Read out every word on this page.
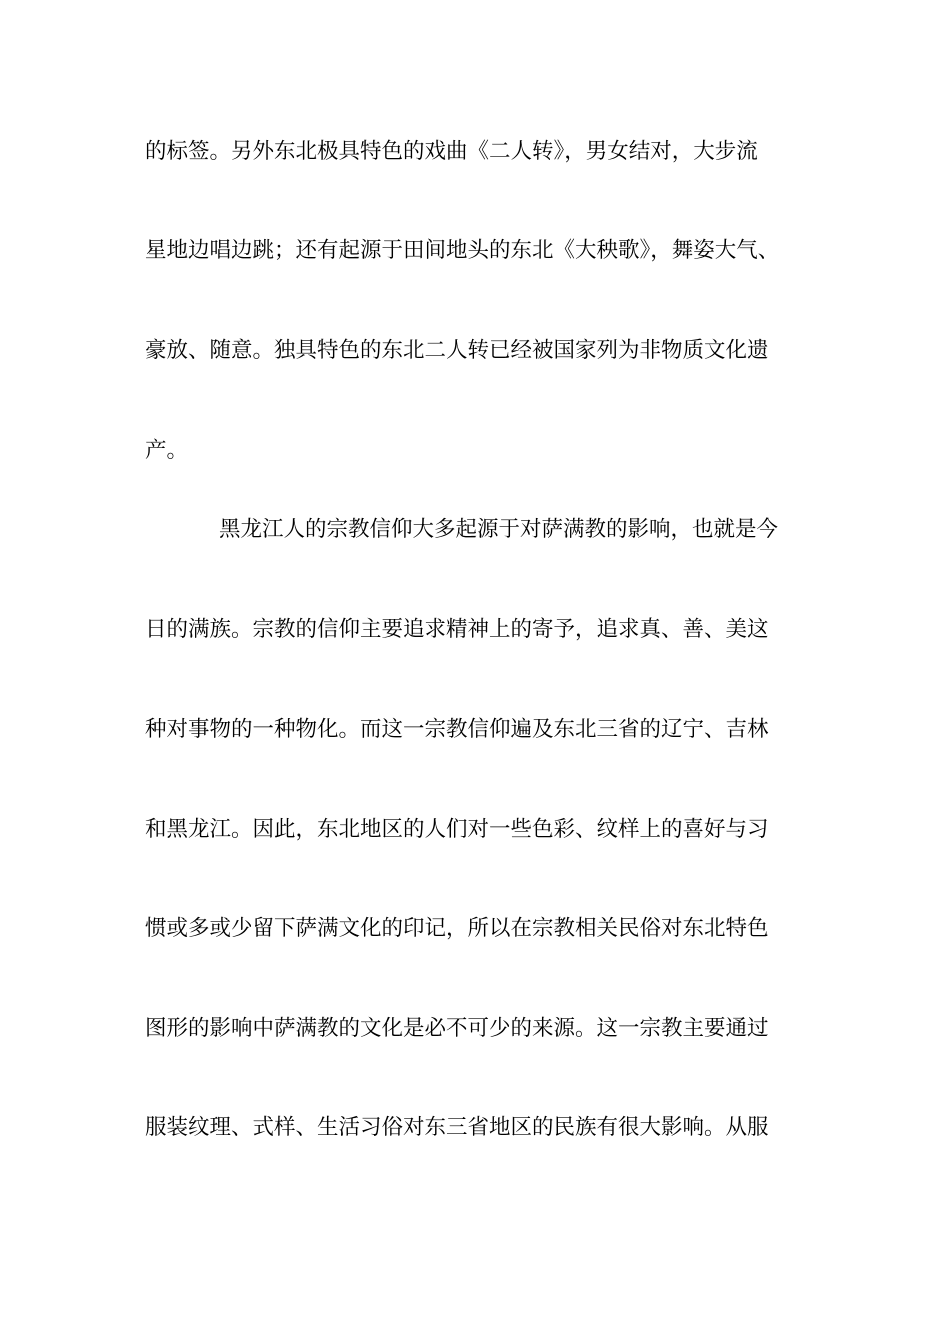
的标签。另外东北极具特色的戏曲《二人转》，男女结对，大步流
星地边唱边跳；还有起源于田间地头的东北《大秧歌》，舞姿大气、
豪放、随意。独具特色的东北二人转已经被国家列为非物质文化遗
产。
黑龙江人的宗教信仰大多起源于对萨满教的影响，也就是今
日的满族。宗教的信仰主要追求精神上的寄予，追求真、善、美这
种对事物的一种物化。而这一宗教信仰遍及东北三省的辽宁、吉林
和黑龙江。因此，东北地区的人们对一些色彩、纹样上的喜好与习
惯或多或少留下萨满文化的印记，所以在宗教相关民俗对东北特色
图形的影响中萨满教的文化是必不可少的来源。这一宗教主要通过
服装纹理、式样、生活习俗对东三省地区的民族有很大影响。从服
